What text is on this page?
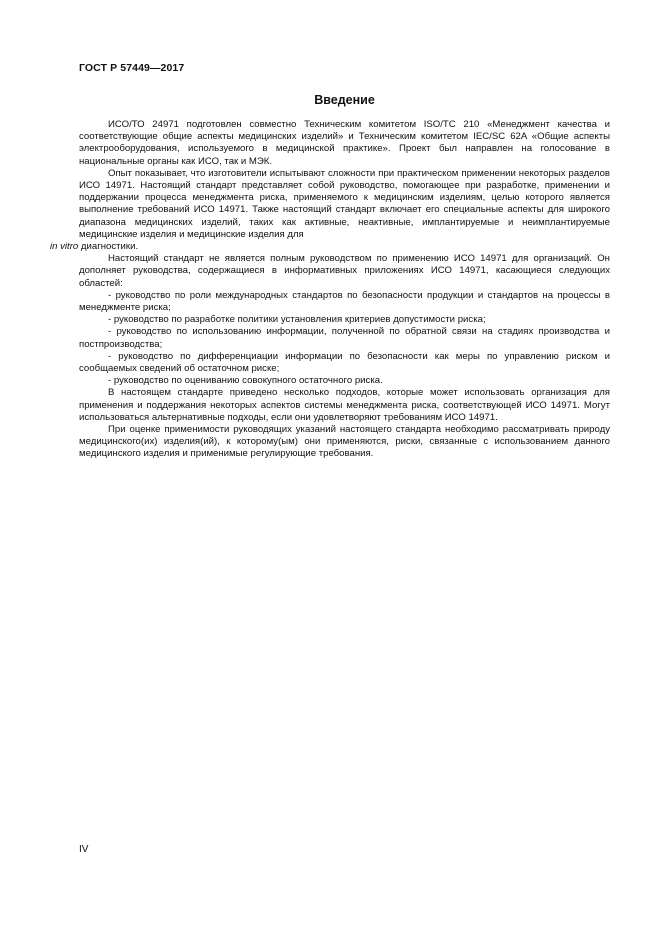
ГОСТ Р 57449—2017
Введение

ИСО/ТО 24971 подготовлен совместно Техническим комитетом ISO/TC 210 «Менеджмент качества и соответствующие общие аспекты медицинских изделий» и Техническим комитетом IEC/SC 62A «Общие аспекты электрооборудования, используемого в медицинской практике». Проект был направлен на голосование в национальные органы как ИСО, так и МЭК.

Опыт показывает, что изготовители испытывают сложности при практическом применении некоторых разделов ИСО 14971. Настоящий стандарт представляет собой руководство, помогающее при разработке, применении и поддержании процесса менеджмента риска, применяемого к медицинским изделиям, целью которого является выполнение требований ИСО 14971. Также настоящий стандарт включает его специальные аспекты для широкого диапазона медицинских изделий, таких как активные, неактивные, имплантируемые и неимплантируемые медицинские изделия и медицинские изделия для
in vitro диагностики.

Настоящий стандарт не является полным руководством по применению ИСО 14971 для организаций. Он дополняет руководства, содержащиеся в информативных приложениях ИСО 14971, касающиеся следующих областей:

- руководство по роли международных стандартов по безопасности продукции и стандартов на процессы в менеджменте риска;
- руководство по разработке политики установления критериев допустимости риска;
- руководство по использованию информации, полученной по обратной связи на стадиях производства и постпроизводства;
- руководство по дифференциации информации по безопасности как меры по управлению риском и сообщаемых сведений об остаточном риске;
- руководство по оцениванию совокупного остаточного риска.

В настоящем стандарте приведено несколько подходов, которые может использовать организация для применения и поддержания некоторых аспектов системы менеджмента риска, соответствующей ИСО 14971. Могут использоваться альтернативные подходы, если они удовлетворяют требованиям ИСО 14971.

При оценке применимости руководящих указаний настоящего стандарта необходимо рассматривать природу медицинского(их) изделия(ий), к которому(ым) они применяются, риски, связанные с использованием данного медицинского изделия и применимые регулирующие требования.

IV
